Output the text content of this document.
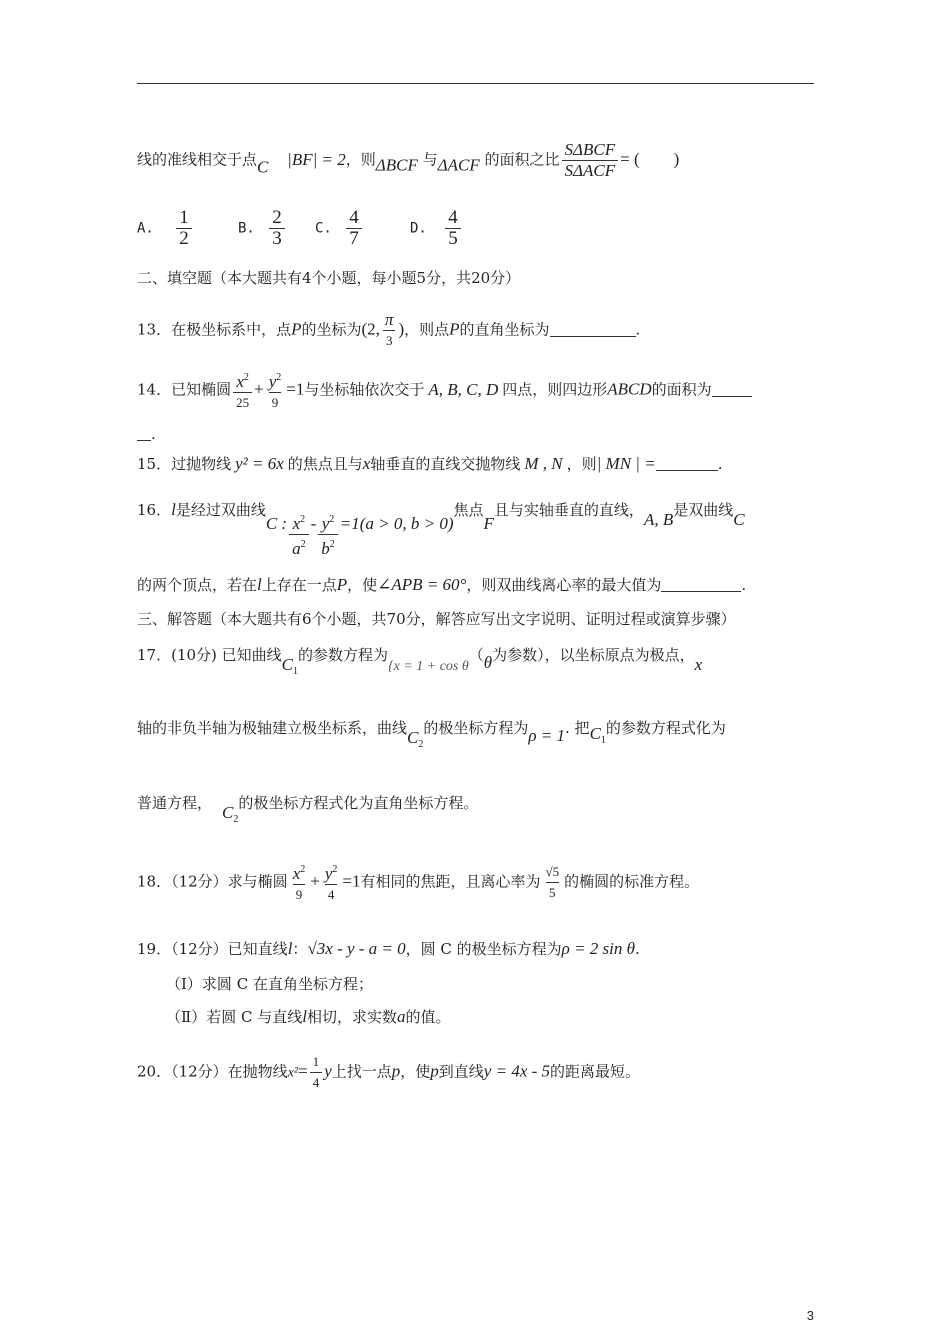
线的准线相交于点C |BF| = 2，则ΔBCF 与ΔACF 的面积之比 $\frac{\text{SΔBCF}}{\text{SΔACF}}$ = (　　)
A. $\frac{1}{2}$	B. $\frac{2}{3} C$. $\frac{4}{7}$	D. $\frac{4}{5}$
二、填空题（本大题共有4个小题，每小题5分，共20分）
13．在极坐标系中，点P的坐标为(2, $\frac{\pi}{3}$ )，则点P的直角坐标为	.
14．已知椭圆 $\frac{x^2}{25} + \frac{y^2}{9} =1$与坐标轴依次交于 A, B, C, D 四点，则四边形ABCD的面积为
.
15．过抛物线 y² = 6x 的焦点且与x轴垂直的直线交抛物线 M , N ，则| MN | =	.
16．l是经过双曲线C : $\frac{x^2}{a^2} - \frac{y^2}{b^2} =1(a > 0$, b > 0)焦点F且与实轴垂直的直线，A, B是双曲线C
的两个顶点，若在l上存在一点P，使∠APB = 60°，则双曲线离心率的最大值为	.
三、解答题（本大题共有6个小题，共70分，解答应写出文字说明、证明过程或演算步骤）
17．(10分) 已知曲线$C_1$的参数方程为{x = 1 + cos θ（θ为参数），以坐标原点为极点，x
轴的非负半轴为极轴建立极坐标系，曲线$C_2$的极坐标方程为ρ = 1. 把$C_1$的参数方程式化为
普通方程， $C_2$的极坐标方程式化为直角坐标方程。
18．（12分）求与椭圆 $\frac{x^2}{9} + \frac{y^2}{4} =1$有相同的焦距，且离心率为 $\frac{√5}{5}$ 的椭圆的标准方程。
19．（12分）已知直线l：√3x - y - a = 0，圆 C 的极坐标方程为ρ = 2 sin θ.
（Ⅰ）求圆 C 在直角坐标方程；
（Ⅱ）若圆 C 与直线l相切，求实数a的值。
20．（12分）在抛物线$x^2= \frac{1}{4}$ y上找一点p，使p到直线y = 4x - 5的距离最短。
3
